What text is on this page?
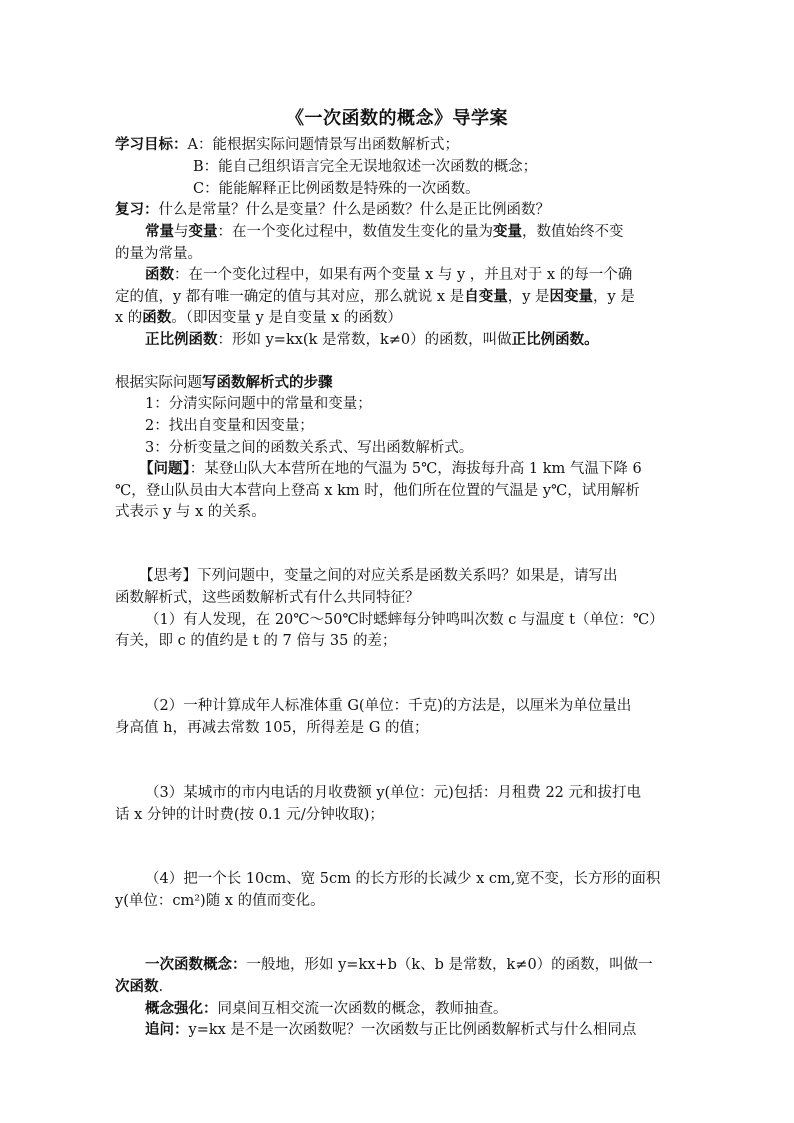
《一次函数的概念》导学案
学习目标：A：能根据实际问题情景写出函数解析式；
B：能自己组织语言完全无误地叙述一次函数的概念；
C：能能解释正比例函数是特殊的一次函数。
复习：什么是常量？什么是变量？什么是函数？什么是正比例函数？
常量与变量：在一个变化过程中，数值发生变化的量为变量，数值始终不变
的量为常量。
函数：在一个变化过程中，如果有两个变量 x 与 y ，并且对于 x 的每一个确
定的值，y 都有唯一确定的值与其对应，那么就说 x 是自变量，y 是因变量，y 是
x 的函数。（即因变量 y 是自变量 x 的函数）
正比例函数：形如 y=kx(k 是常数，k≠0）的函数，叫做正比例函数。
根据实际问题写函数解析式的步骤
1：分清实际问题中的常量和变量；
2：找出自变量和因变量；
3：分析变量之间的函数关系式、写出函数解析式。
【问题】：某登山队大本营所在地的气温为 5℃，海拔每升高 1 km 气温下降 6
℃，登山队员由大本营向上登高 x km 时，他们所在位置的气温是 y℃，试用解析
式表示 y 与 x 的关系。
【思考】下列问题中，变量之间的对应关系是函数关系吗？如果是，请写出
函数解析式，这些函数解析式有什么共同特征？
（1）有人发现，在 20℃～50℃时蟋蟀每分钟鸣叫次数 c 与温度 t（单位：℃）
有关，即 c 的值约是 t 的 7 倍与 35 的差；
（2）一种计算成年人标准体重 G(单位：千克)的方法是，以厘米为单位量出
身高值 h，再减去常数 105，所得差是 G 的值；
（3）某城市的市内电话的月收费额 y(单位：元)包括：月租费 22 元和拔打电
话 x 分钟的计时费(按 0.1 元/分钟收取)；
（4）把一个长 10cm、宽 5cm 的长方形的长减少 x cm,宽不变，长方形的面积
y(单位：cm²)随 x 的值而变化。
一次函数概念：一般地，形如 y=kx+b（k、b 是常数，k≠0）的函数，叫做一
次函数.
概念强化：同桌间互相交流一次函数的概念，教师抽查。
追问：y=kx 是不是一次函数呢？一次函数与正比例函数解析式与什么相同点
